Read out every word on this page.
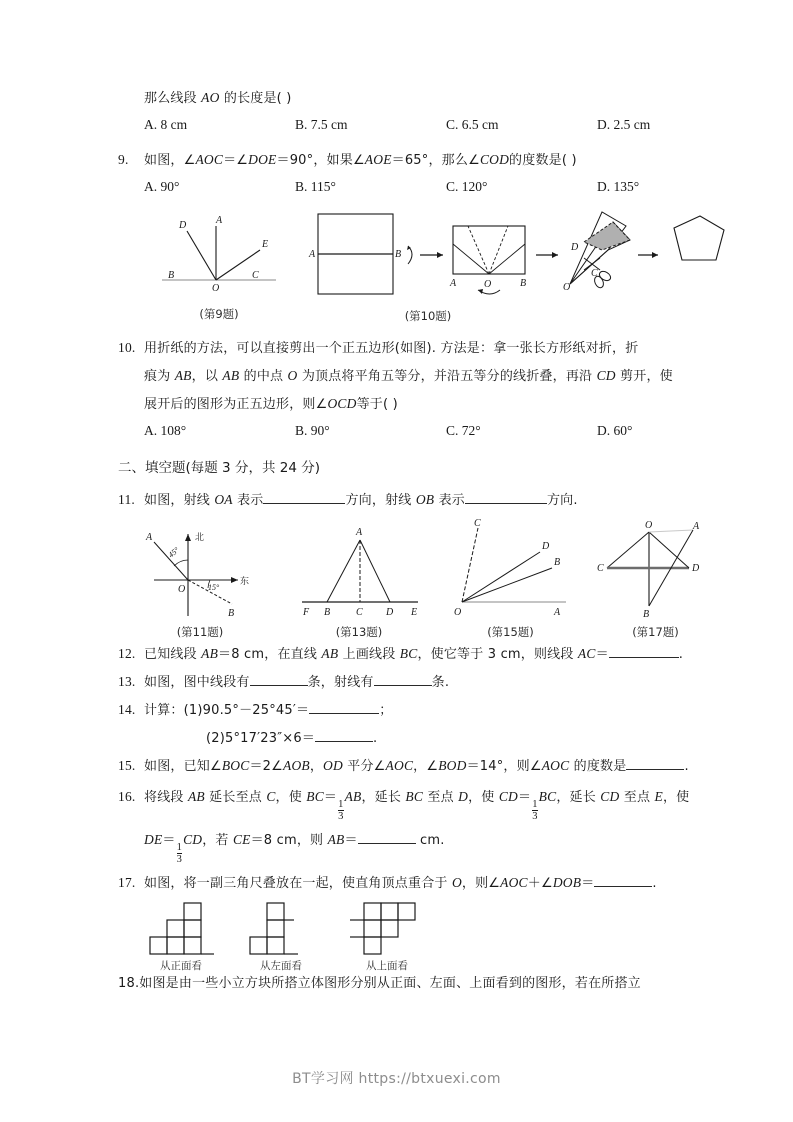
那么线段 AO 的长度是( )
A. 8 cm	B. 7.5 cm	C. 6.5 cm	D. 2.5 cm
9. 如图，∠AOC＝∠DOE＝90°，如果∠AOE＝65°，那么∠COD的度数是( )
A. 90°	B. 115°	C. 120°	D. 135°
A
D
E
B	C
O
(第9题)
A	B
A	O	B
D
O
C
(第10题)
10. 用折纸的方法，可以直接剪出一个正五边形(如图). 方法是：拿一张长方形纸对折，折
痕为 AB，以 AB 的中点 O 为顶点将平角五等分，并沿五等分的线折叠，再沿 CD 剪开，使
展开后的图形为正五边形，则∠OCD等于( )
A. 108°	B. 90°	C. 72°	D. 60°
二、填空题(每题 3 分，共 24 分)
11. 如图，射线 OA 表示	方向，射线 OB 表示	方向.
A
B
O
北
东
45°
15°
(第11题)
A
F B	C D E
(第13题)
C
D
B
O	A
(第15题)
O	A
C	D
B
(第17题)
12. 已知线段 AB＝8 cm，在直线 AB 上画线段 BC，使它等于 3 cm，则线段 AC＝	.
13. 如图，图中线段有	条，射线有	条.
14. 计算：(1)90.5°－25°45′＝	；
(2)5°17′23″×6＝	.
15. 如图，已知∠BOC＝2∠AOB，OD 平分∠AOC，∠BOD＝14°，则∠AOC 的度数是	.
16. 将线段 AB 延长至点 C，使 BC＝
$\frac{1}{3}$
AB，延长 BC 至点 D，使 CD＝
$\frac{1}{3}$
BC，延长 CD 至点 E，使
DE＝
$\frac{1}{3}$
CD，若 CE＝8 cm，则 AB＝	cm.
17. 如图，将一副三角尺叠放在一起，使直角顶点重合于 O，则∠AOC＋∠DOB＝	.
从正面看	从左面看	从上面看
18.如图是由一些小立方块所搭立体图形分别从正面、左面、上面看到的图形，若在所搭立
BT学习网 https://btxuexi.com
